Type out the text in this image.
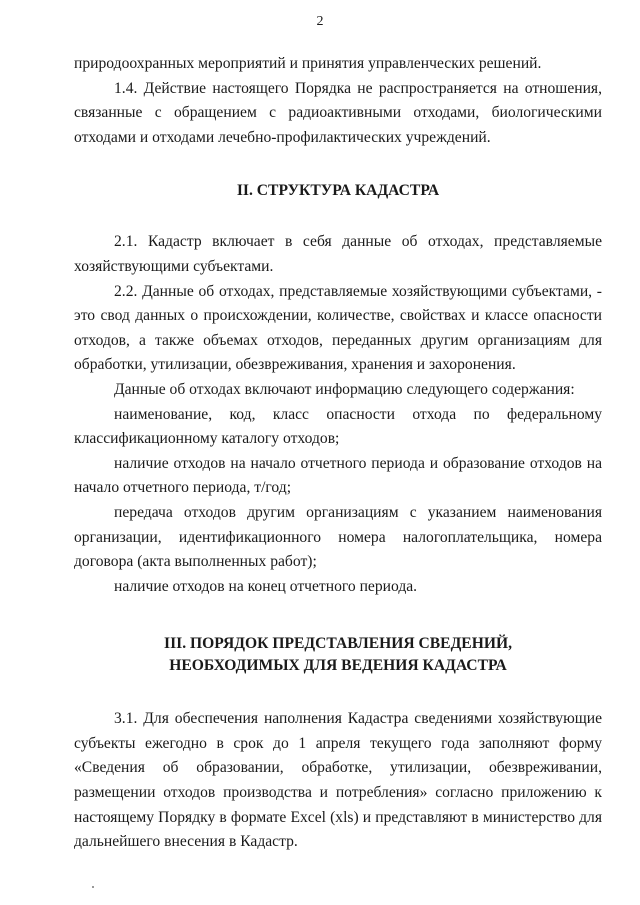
2

природоохранных мероприятий и принятия управленческих решений.

1.4. Действие настоящего Порядка не распространяется на отношения, связанные с обращением с радиоактивными отходами, биологическими отходами и отходами лечебно-профилактических учреждений.

II. СТРУКТУРА КАДАСТРА

2.1. Кадастр включает в себя данные об отходах, представляемые хозяйствующими субъектами.

2.2. Данные об отходах, представляемые хозяйствующими субъектами, - это свод данных о происхождении, количестве, свойствах и классе опасности отходов, а также объемах отходов, переданных другим организациям для обработки, утилизации, обезвреживания, хранения и захоронения.

Данные об отходах включают информацию следующего содержания:

наименование, код, класс опасности отхода по федеральному классификационному каталогу отходов;

наличие отходов на начало отчетного периода и образование отходов на начало отчетного периода, т/год;

передача отходов другим организациям с указанием наименования организации, идентификационного номера налогоплательщика, номера договора (акта выполненных работ);

наличие отходов на конец отчетного периода.

III. ПОРЯДОК ПРЕДСТАВЛЕНИЯ СВЕДЕНИЙ,
НЕОБХОДИМЫХ ДЛЯ ВЕДЕНИЯ КАДАСТРА

3.1. Для обеспечения наполнения Кадастра сведениями хозяйствующие субъекты ежегодно в срок до 1 апреля текущего года заполняют форму «Сведения об образовании, обработке, утилизации, обезвреживании, размещении отходов производства и потребления» согласно приложению к настоящему Порядку в формате Excel (xls) и представляют в министерство для дальнейшего внесения в Кадастр.
